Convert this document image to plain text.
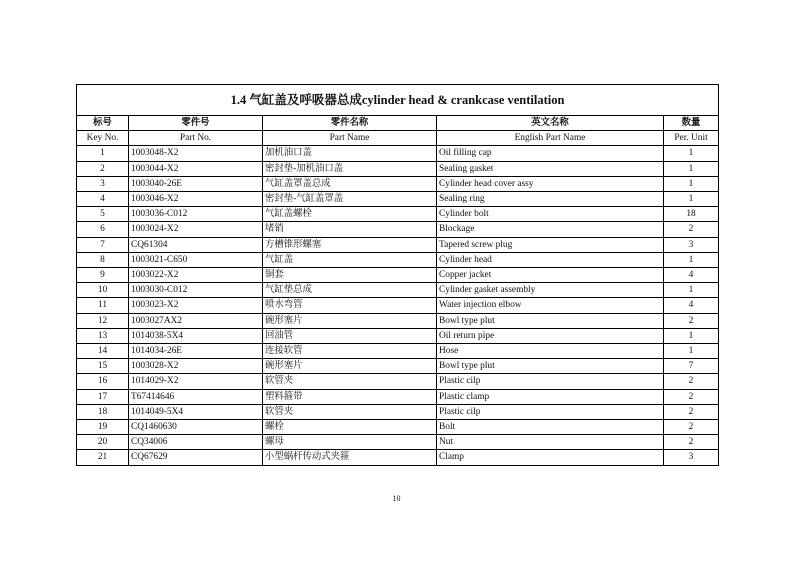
1.4 气缸盖及呼吸器总成cylinder head & crankcase ventilation				
标号	零件号	零件名称	英文名称	数量
Key No.	Part No.	Part Name	English Part Name	Per. Unit
1	1003048-X2	加机油口盖	Oil filling cap	1
2	1003044-X2	密封垫-加机油口盖	Sealing gasket	1
3	1003040-26E	气缸盖罩盖总成	Cylinder head cover assy	1
4	1003046-X2	密封垫-气缸盖罩盖	Sealing ring	1
5	1003036-C012	气缸盖螺栓	Cylinder bolt	18
6	1003024-X2	堵销	Blockage	2
7	CQ61304	方槽锥形螺塞	Tapered screw plug	3
8	1003021-C650	气缸盖	Cylinder head	1
9	1003022-X2	铜套	Copper jacket	4
10	1003030-C012	气缸垫总成	Cylinder gasket assembly	1
11	1003023-X2	喷水弯管	Water injection elbow	4
12	1003027AX2	碗形塞片	Bowl type plut	2
13	1014038-5X4	回油管	Oil return pipe	1
14	1014034-26E	连接软管	Hose	1
15	1003028-X2	碗形塞片	Bowl type plut	7
16	1014029-X2	软管夹	Plastic cilp	2
17	T67414646	塑料箍带	Plastic clamp	2
18	1014049-5X4	软管夹	Plastic cilp	2
19	CQ1460630	螺栓	Bolt	2
20	CQ34006	螺母	Nut	2
21	CQ67629	小型蜗杆传动式夹箍	Clamp	3
10
